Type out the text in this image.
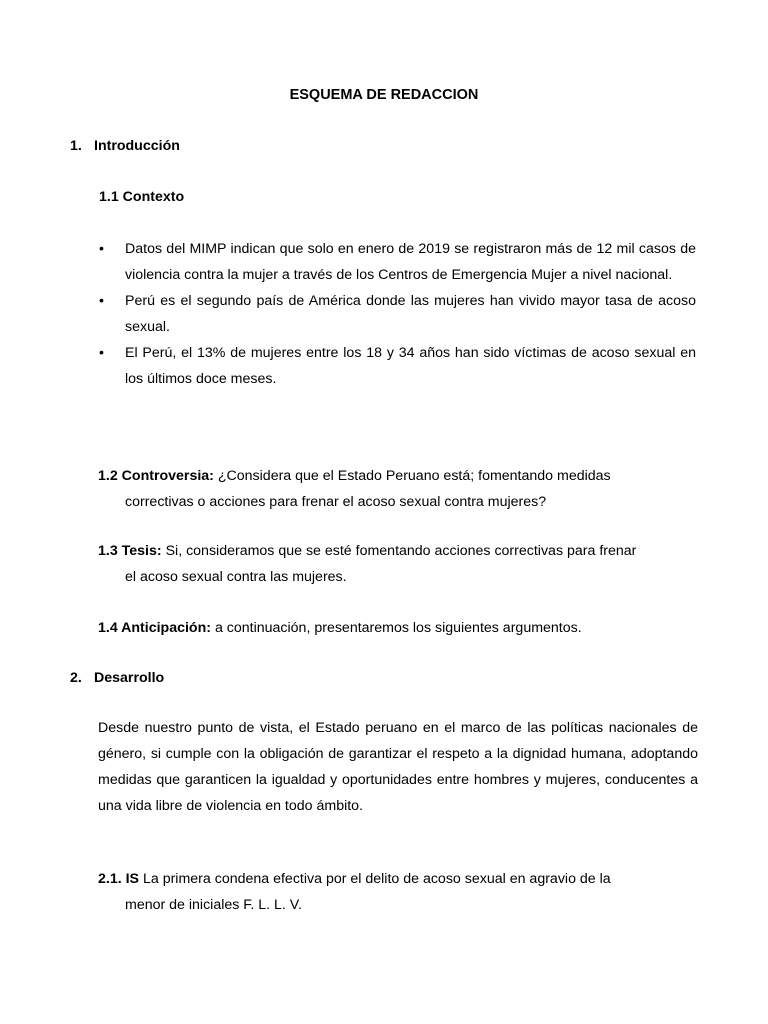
ESQUEMA DE REDACCION
1. Introducción
1.1 Contexto
• Datos del MIMP indican que solo en enero de 2019 se registraron más de 12 mil casos de violencia contra la mujer a través de los Centros de Emergencia Mujer a nivel nacional.
• Perú es el segundo país de América donde las mujeres han vivido mayor tasa de acoso sexual.
• El Perú, el 13% de mujeres entre los 18 y 34 años han sido víctimas de acoso sexual en los últimos doce meses.
1.2 Controversia: ¿Considera que el Estado Peruano está; fomentando medidas
correctivas o acciones para frenar el acoso sexual contra mujeres?
1.3 Tesis: Si, consideramos que se esté fomentando acciones correctivas para frenar
el acoso sexual contra las mujeres.
1.4 Anticipación: a continuación, presentaremos los siguientes argumentos.
2. Desarrollo
Desde nuestro punto de vista, el Estado peruano en el marco de las políticas nacionales de género, si cumple con la obligación de garantizar el respeto a la dignidad humana, adoptando medidas que garanticen la igualdad y oportunidades entre hombres y mujeres, conducentes a una vida libre de violencia en todo ámbito.
2.1. IS La primera condena efectiva por el delito de acoso sexual en agravio de la
menor de iniciales F. L. L. V.
